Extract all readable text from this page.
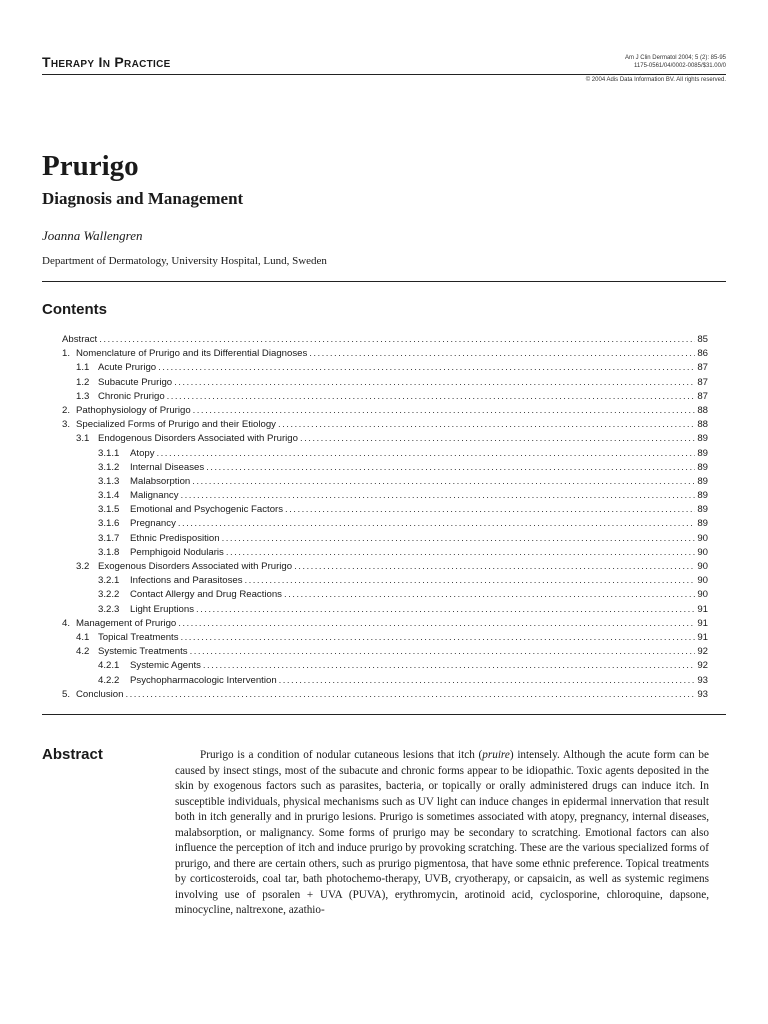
Therapy In Practice	Am J Clin Dermatol 2004; 5 (2): 85-95
1175-0561/04/0002-0085/$31.00/0
© 2004 Adis Data Information BV. All rights reserved.
Prurigo
Diagnosis and Management
Joanna Wallengren
Department of Dermatology, University Hospital, Lund, Sweden
Contents
Abstract . . .	85
1. Nomenclature of Prurigo and its Differential Diagnoses . . .	86
1.1 Acute Prurigo . . .	87
1.2 Subacute Prurigo . . .	87
1.3 Chronic Prurigo . . .	87
2. Pathophysiology of Prurigo . . .	88
3. Specialized Forms of Prurigo and their Etiology . . .	88
3.1 Endogenous Disorders Associated with Prurigo . . .	89
3.1.1	Atopy . . .	89
3.1.2	Internal Diseases . . .	89
3.1.3	Malabsorption . . .	89
3.1.4	Malignancy . . .	89
3.1.5	Emotional and Psychogenic Factors . . .	89
3.1.6	Pregnancy . . .	89
3.1.7	Ethnic Predisposition . . .	90
3.1.8	Pemphigoid Nodularis . . .	90
3.2 Exogenous Disorders Associated with Prurigo . . .	90
3.2.1	Infections and Parasitoses . . .	90
3.2.2	Contact Allergy and Drug Reactions . . .	90
3.2.3	Light Eruptions . . .	91
4. Management of Prurigo . . .	91
4.1 Topical Treatments . . .	91
4.2 Systemic Treatments . . .	92
4.2.1	Systemic Agents . . .	92
4.2.2	Psychopharmacologic Intervention . . .	93
5. Conclusion . . .	93
Abstract	Prurigo is a condition of nodular cutaneous lesions that itch (pruire) intensely. Although the acute form can be caused by insect stings, most of the subacute and chronic forms appear to be idiopathic. Toxic agents deposited in the skin by exogenous factors such as parasites, bacteria, or topically or orally administered drugs can induce itch. In susceptible individuals, physical mechanisms such as UV light can induce changes in epidermal innervation that result both in itch generally and in prurigo lesions. Prurigo is sometimes associated with atopy, pregnancy, internal diseases, malabsorption, or malignancy. Some forms of prurigo may be secondary to scratching. Emotional factors can also influence the perception of itch and induce prurigo by provoking scratching. These are the various specialized forms of prurigo, and there are certain others, such as prurigo pigmentosa, that have some ethnic preference. Topical treatments by corticosteroids, coal tar, bath photochemo-therapy, UVB, cryotherapy, or capsaicin, as well as systemic regimens involving use of psoralen + UVA (PUVA), erythromycin, arotinoid acid, cyclosporine, chloroquine, dapsone, minocycline, naltrexone, azathio-
